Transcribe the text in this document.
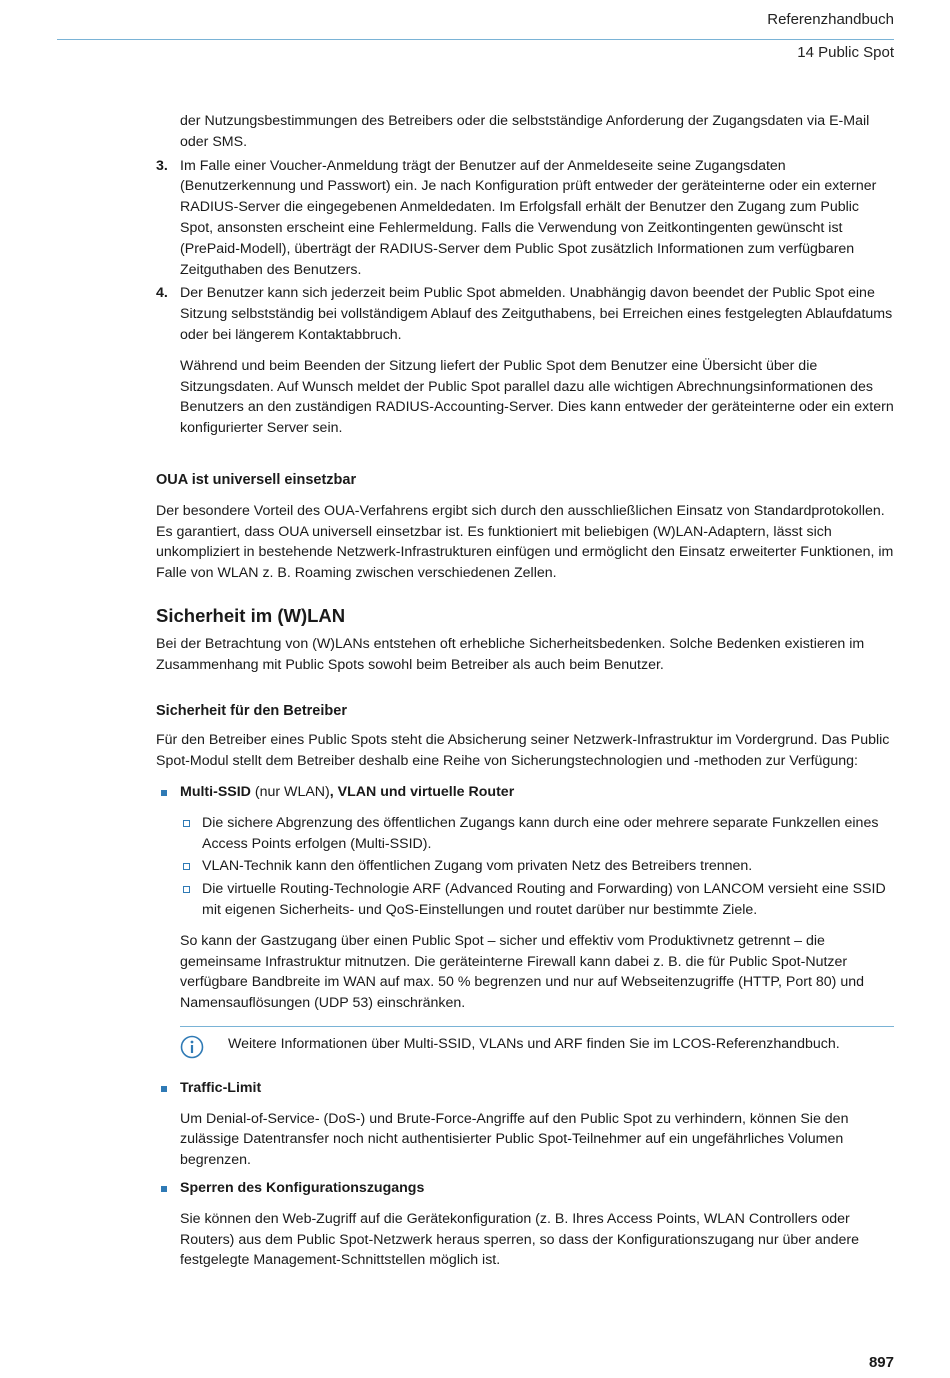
Referenzhandbuch
14 Public Spot

der Nutzungsbestimmungen des Betreibers oder die selbstständige Anforderung der Zugangsdaten via E-Mail oder SMS.

3. Im Falle einer Voucher-Anmeldung trägt der Benutzer auf der Anmeldeseite seine Zugangsdaten (Benutzerkennung und Passwort) ein. Je nach Konfiguration prüft entweder der geräteinterne oder ein externer RADIUS-Server die eingegebenen Anmeldedaten. Im Erfolgsfall erhält der Benutzer den Zugang zum Public Spot, ansonsten erscheint eine Fehlermeldung. Falls die Verwendung von Zeitkontingenten gewünscht ist (PrePaid-Modell), überträgt der RADIUS-Server dem Public Spot zusätzlich Informationen zum verfügbaren Zeitguthaben des Benutzers.

4. Der Benutzer kann sich jederzeit beim Public Spot abmelden. Unabhängig davon beendet der Public Spot eine Sitzung selbstständig bei vollständigem Ablauf des Zeitguthabens, bei Erreichen eines festgelegten Ablaufdatums oder bei längerem Kontaktabbruch.

Während und beim Beenden der Sitzung liefert der Public Spot dem Benutzer eine Übersicht über die Sitzungsdaten. Auf Wunsch meldet der Public Spot parallel dazu alle wichtigen Abrechnungsinformationen des Benutzers an den zuständigen RADIUS-Accounting-Server. Dies kann entweder der geräteinterne oder ein extern konfigurierter Server sein.

OUA ist universell einsetzbar

Der besondere Vorteil des OUA-Verfahrens ergibt sich durch den ausschließlichen Einsatz von Standardprotokollen. Es garantiert, dass OUA universell einsetzbar ist. Es funktioniert mit beliebigen (W)LAN-Adaptern, lässt sich unkompliziert in bestehende Netzwerk-Infrastrukturen einfügen und ermöglicht den Einsatz erweiterter Funktionen, im Falle von WLAN z. B. Roaming zwischen verschiedenen Zellen.

Sicherheit im (W)LAN

Bei der Betrachtung von (W)LANs entstehen oft erhebliche Sicherheitsbedenken. Solche Bedenken existieren im Zusammenhang mit Public Spots sowohl beim Betreiber als auch beim Benutzer.

Sicherheit für den Betreiber

Für den Betreiber eines Public Spots steht die Absicherung seiner Netzwerk-Infrastruktur im Vordergrund. Das Public Spot-Modul stellt dem Betreiber deshalb eine Reihe von Sicherungstechnologien und -methoden zur Verfügung:

Multi-SSID (nur WLAN), VLAN und virtuelle Router

Die sichere Abgrenzung des öffentlichen Zugangs kann durch eine oder mehrere separate Funkzellen eines Access Points erfolgen (Multi-SSID).

VLAN-Technik kann den öffentlichen Zugang vom privaten Netz des Betreibers trennen.

Die virtuelle Routing-Technologie ARF (Advanced Routing and Forwarding) von LANCOM versieht eine SSID mit eigenen Sicherheits- und QoS-Einstellungen und routet darüber nur bestimmte Ziele.

So kann der Gastzugang über einen Public Spot – sicher und effektiv vom Produktivnetz getrennt – die gemeinsame Infrastruktur mitnutzen. Die geräteinterne Firewall kann dabei z. B. die für Public Spot-Nutzer verfügbare Bandbreite im WAN auf max. 50 % begrenzen und nur auf Webseitenzugriffe (HTTP, Port 80) und Namensauflösungen (UDP 53) einschränken.

Weitere Informationen über Multi-SSID, VLANs und ARF finden Sie im LCOS-Referenzhandbuch.

Traffic-Limit

Um Denial-of-Service- (DoS-) und Brute-Force-Angriffe auf den Public Spot zu verhindern, können Sie den zulässige Datentransfer noch nicht authentisierter Public Spot-Teilnehmer auf ein ungefährliches Volumen begrenzen.

Sperren des Konfigurationszugangs

Sie können den Web-Zugriff auf die Gerätekonfiguration (z. B. Ihres Access Points, WLAN Controllers oder Routers) aus dem Public Spot-Netzwerk heraus sperren, so dass der Konfigurationszugang nur über andere festgelegte Management-Schnittstellen möglich ist.

897
